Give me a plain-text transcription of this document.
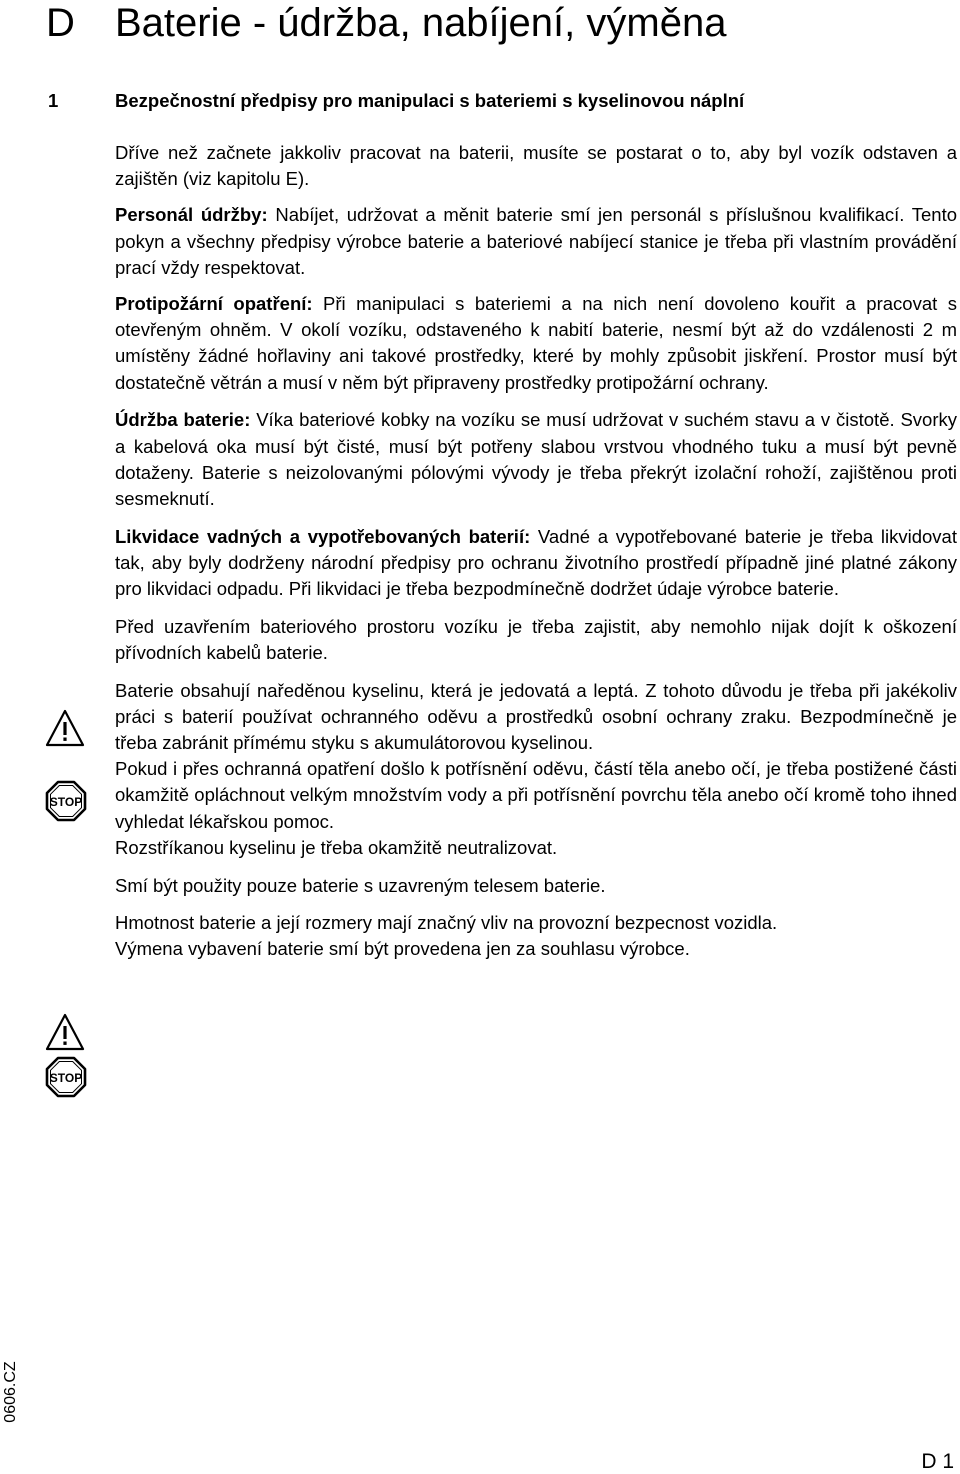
D Baterie - údržba, nabíjení, výměna
1	Bezpečnostní předpisy pro manipulaci s bateriemi s kyselinovou náplní

Dříve než začnete jakkoliv pracovat na baterii, musíte se postarat o to, aby byl vozík odstaven a zajištěn (viz kapitolu E).

Personál údržby: Nabíjet, udržovat a měnit baterie smí jen personál s příslušnou kvalifikací. Tento pokyn a všechny předpisy výrobce baterie a bateriové nabíjecí stanice je třeba při vlastním provádění prací vždy respektovat.

Protipožární opatření: Při manipulaci s bateriemi a na nich není dovoleno kouřit a pracovat s otevřeným ohněm. V okolí vozíku, odstaveného k nabití baterie, nesmí být až do vzdálenosti 2 m umístěny žádné hořlaviny ani takové prostředky, které by mohly způsobit jiskření. Prostor musí být dostatečně větrán a musí v něm být připraveny prostředky protipožární ochrany.

Údržba baterie: Víka bateriové kobky na vozíku se musí udržovat v suchém stavu a v čistotě. Svorky a kabelová oka musí být čisté, musí být potřeny slabou vrstvou vhodného tuku a musí být pevně dotaženy. Baterie s neizolovanými pólovými vývody je třeba překrýt izolační rohoží, zajištěnou proti sesmeknutí.

Likvidace vadných a vypotřebovaných baterií: Vadné a vypotřebované baterie je třeba likvidovat tak, aby byly dodrženy národní předpisy pro ochranu životního prostředí případně jiné platné zákony pro likvidaci odpadu. Při likvidaci je třeba bezpodmínečně dodržet údaje výrobce baterie.

Před uzavřením bateriového prostoru vozíku je třeba zajistit, aby nemohlo nijak dojít k oškození přívodních kabelů baterie.

Baterie obsahují naředěnou kyselinu, která je jedovatá a leptá. Z tohoto důvodu je třeba při jakékoliv práci s baterií používat ochranného oděvu a prostředků osobní ochrany zraku. Bezpodmínečně je třeba zabránit přímému styku s akumulátorovou kyselinou.

Pokud i přes ochranná opatření došlo k potřísnění oděvu, částí těla anebo očí, je třeba postižené části okamžitě opláchnout velkým množstvím vody a při potřísnění povrchu těla anebo očí kromě toho ihned vyhledat lékařskou pomoc.

Rozstříkanou kyselinu je třeba okamžitě neutralizovat.

Smí být použity pouze baterie s uzavreným telesem baterie.

Hmotnost baterie a její rozmery mají značný vliv na provozní bezpecnost vozidla.

Výmena vybavení baterie smí být provedena jen za souhlasu výrobce.

STOP
STOP
0606.CZ
D 1
